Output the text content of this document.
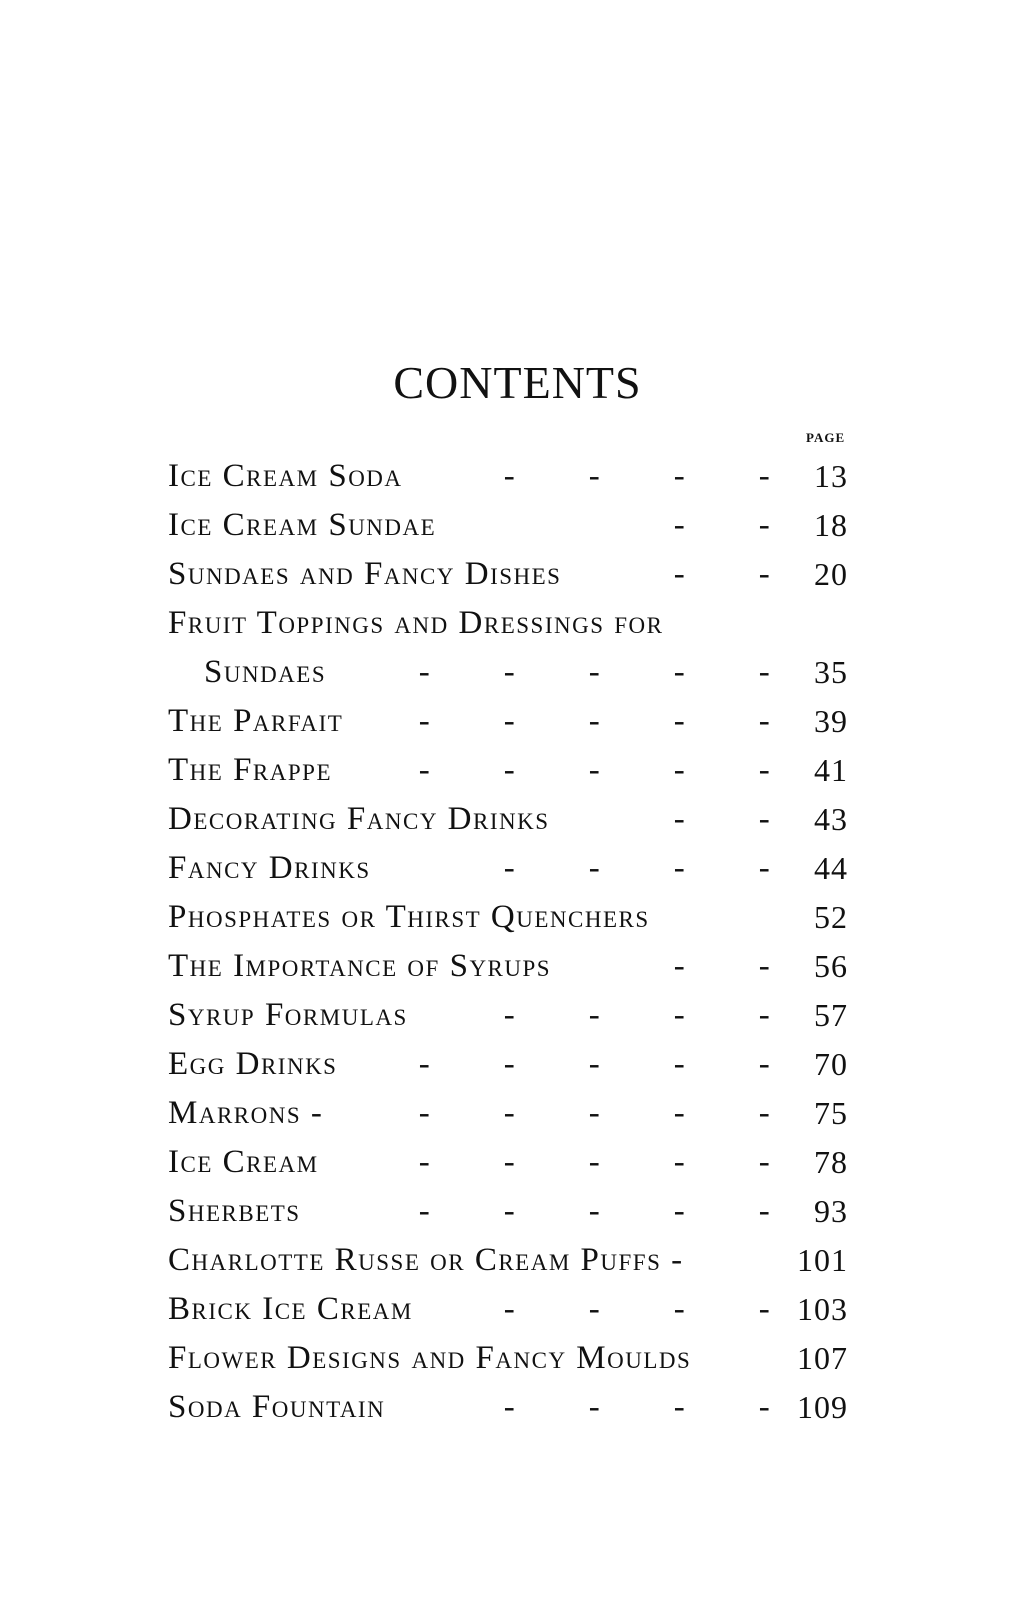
CONTENTS
PAGE
Ice Cream Soda	- - - - 13
Ice Cream Sundae	- - 18
Sundaes and Fancy Dishes	- - 20
Fruit Toppings and Dressings for
Sundaes	- - - - - 35
The Parfait - - - - - 39
The Frappe	- - - - - 41
Decorating Fancy Drinks	- - 43
Fancy Drinks	- - - - 44
Phosphates or Thirst Quenchers	52
The Importance of Syrups	- - 56
Syrup Formulas	- - - - 57
Egg Drinks - - - - - 70
Marrons -	- - - - - 75
Ice Cream	- - - - - 78
Sherbets	- - - - - 93
Charlotte Russe or Cream Puffs -	101
Brick Ice Cream	- - - - 103
Flower Designs and Fancy Moulds	107
Soda Fountain	- - - - 109
